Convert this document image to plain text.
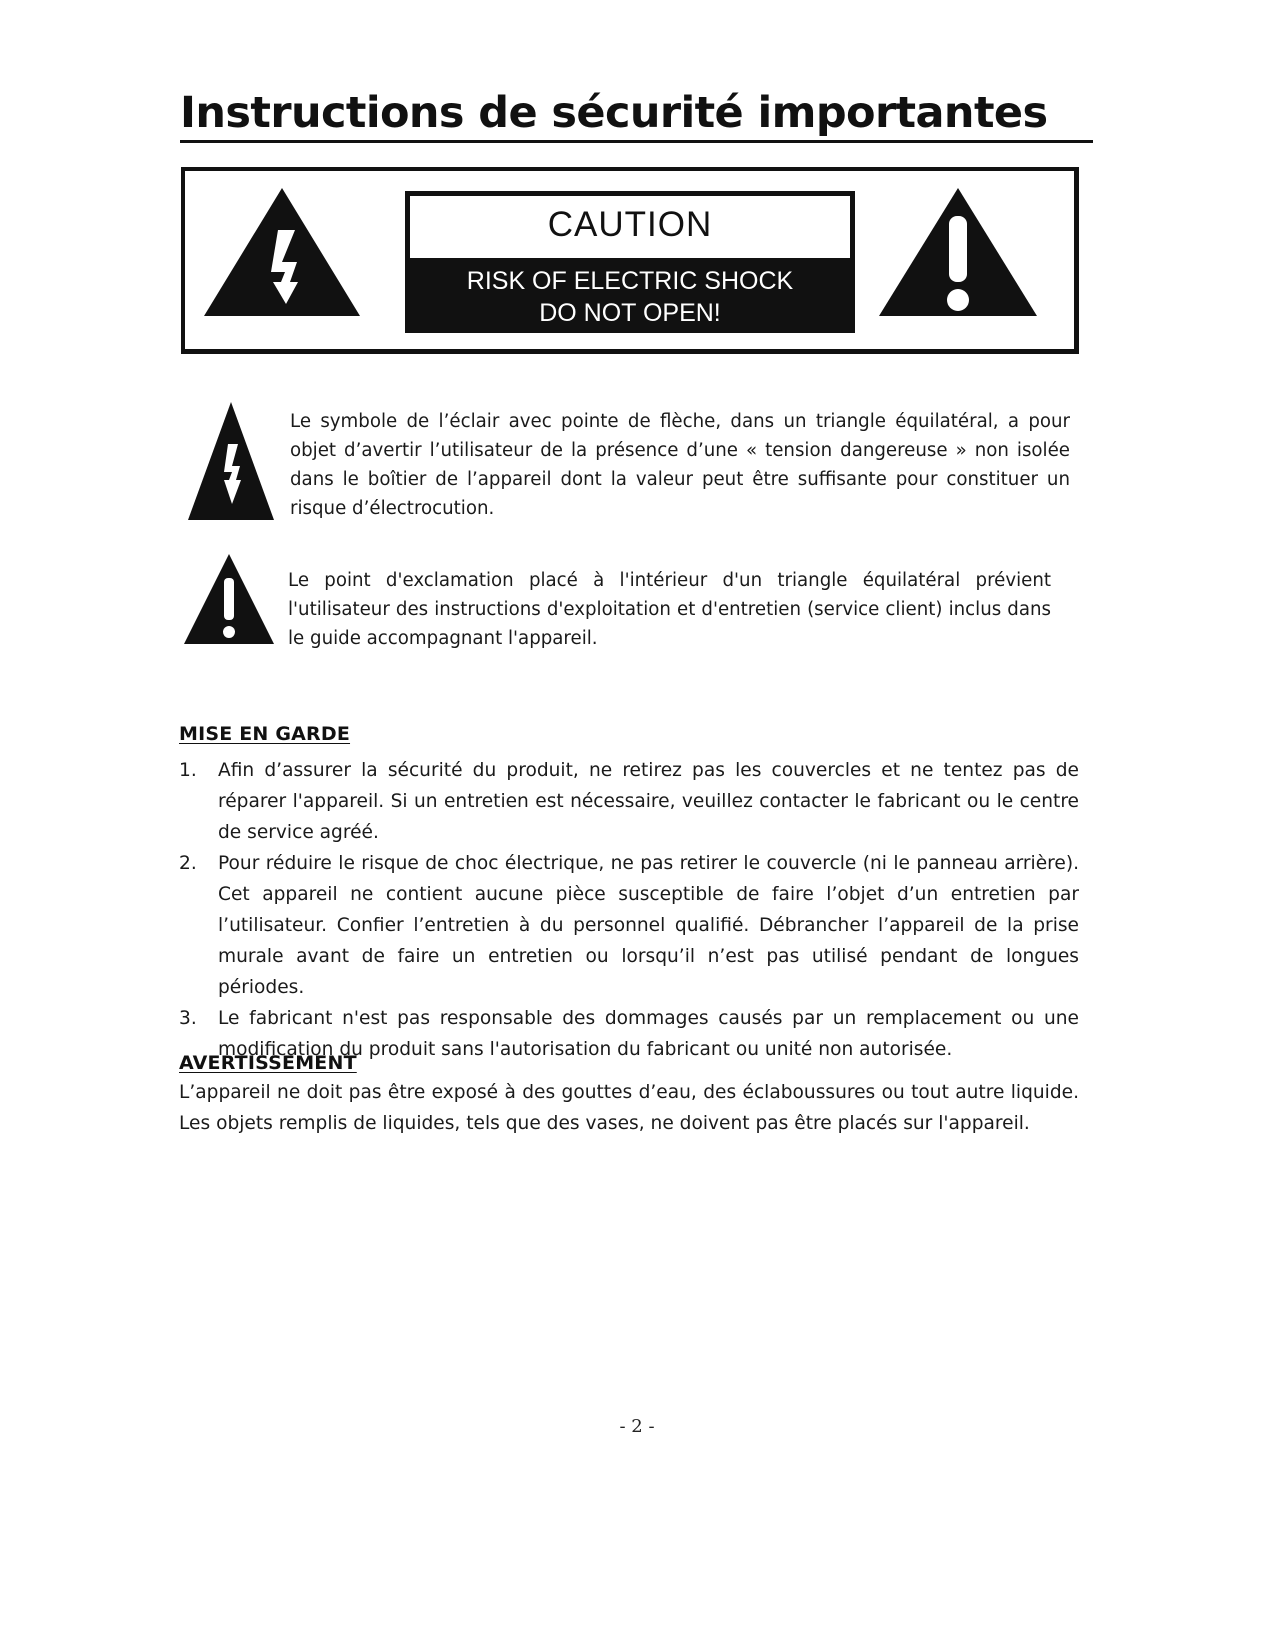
Instructions de sécurité importantes
CAUTION
RISK OF ELECTRIC SHOCK
DO NOT OPEN!

Le symbole de l’éclair avec pointe de flèche, dans un triangle équilatéral, a pour objet d’avertir l’utilisateur de la présence d’une « tension dangereuse » non isolée dans le boîtier de l’appareil dont la valeur peut être suffisante pour constituer un risque d’électrocution.

Le point d'exclamation placé à l'intérieur d'un triangle équilatéral prévient l'utilisateur des instructions d'exploitation et d'entretien (service client) inclus dans le guide accompagnant l'appareil.

MISE EN GARDE
1. Afin d’assurer la sécurité du produit, ne retirez pas les couvercles et ne tentez pas de réparer l'appareil. Si un entretien est nécessaire, veuillez contacter le fabricant ou le centre de service agréé.
2. Pour réduire le risque de choc électrique, ne pas retirer le couvercle (ni le panneau arrière). Cet appareil ne contient aucune pièce susceptible de faire l’objet d’un entretien par l’utilisateur. Confier l’entretien à du personnel qualifié. Débrancher l’appareil de la prise murale avant de faire un entretien ou lorsqu’il n’est pas utilisé pendant de longues périodes.
3. Le fabricant n'est pas responsable des dommages causés par un remplacement ou une modification du produit sans l'autorisation du fabricant ou unité non autorisée.
AVERTISSEMENT

L’appareil ne doit pas être exposé à des gouttes d’eau, des éclaboussures ou tout autre liquide. Les objets remplis de liquides, tels que des vases, ne doivent pas être placés sur l'appareil.

- 2 -
